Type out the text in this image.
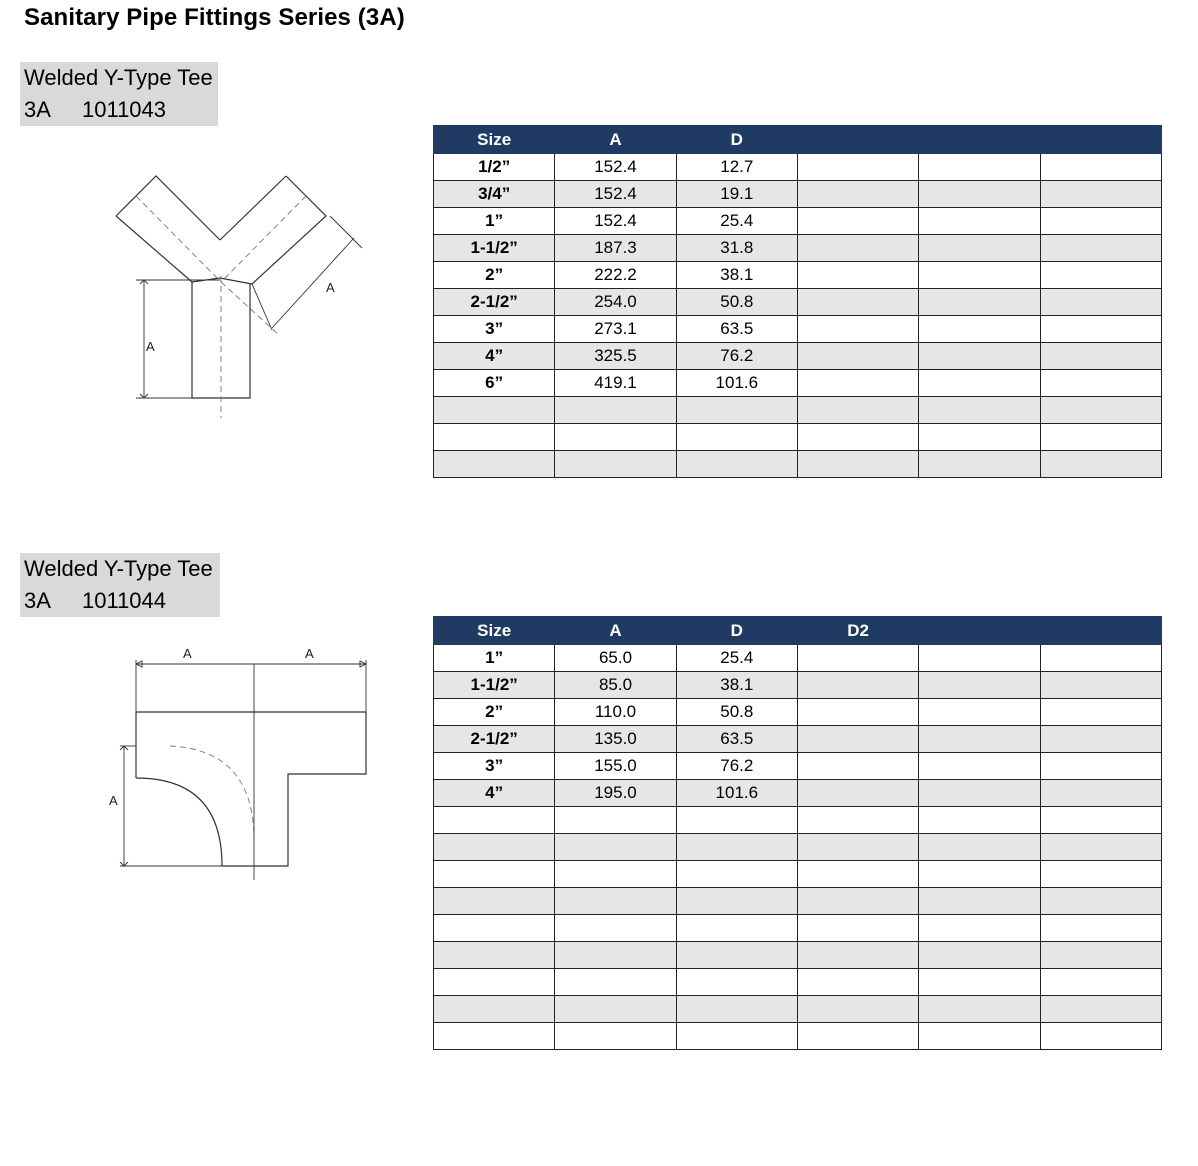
Sanitary Pipe Fittings Series (3A)
Welded Y-Type Tee
3A 1011043
A
A
Size	A	D			
1/2”	152.4	12.7			
3/4”	152.4	19.1			
1”	152.4	25.4			
1-1/2”	187.3	31.8			
2”	222.2	38.1			
2-1/2”	254.0	50.8			
3”	273.1	63.5			
4”	325.5	76.2			
6”	419.1	101.6			

Welded Y-Type Tee
3A 1011044
A	A
A
Size	A	D	D2		
1”	65.0	25.4			
1-1/2”	85.0	38.1			
2”	110.0	50.8			
2-1/2”	135.0	63.5			
3”	155.0	76.2			
4”	195.0	101.6			
